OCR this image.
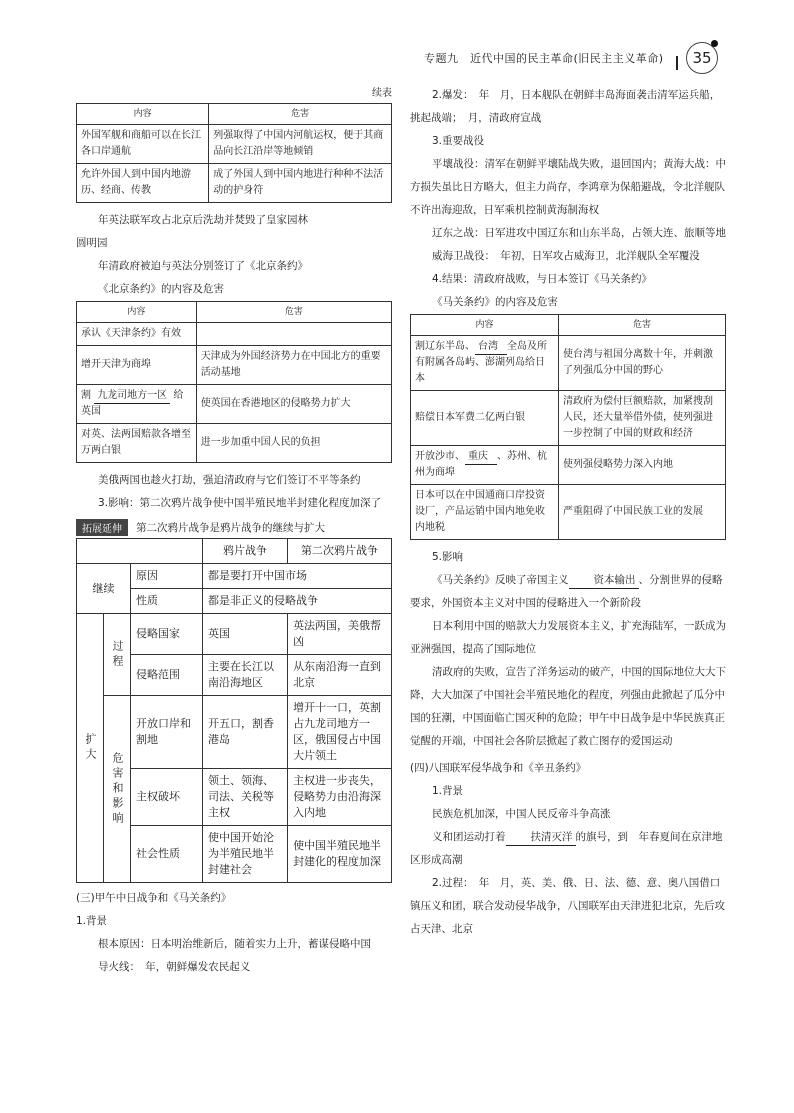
专题九　近代中国的民主革命(旧民主主义革命)	35
续表
内容	危害
外国军舰和商船可以在长江各口岸通航	列强取得了中国内河航运权，便于其商品向长江沿岸等地倾销
允许外国人到中国内地游历、经商、传教	成了外国人到中国内地进行种种不法活动的护身符

年英法联军攻占北京后洗劫并焚毁了皇家园林
圆明园

年清政府被迫与英法分别签订了《北京条约》

《北京条约》的内容及危害

内容	危害
承认《天津条约》有效	
增开天津为商埠	天津成为外国经济势力在中国北方的重要活动基地
割 九龙司地方一区 给英国	使英国在香港地区的侵略势力扩大
对英、法两国赔款各增至万两白银	进一步加重中国人民的负担

美俄两国也趁火打劫，强迫清政府与它们签订不平等条约

3.影响：第二次鸦片战争使中国半殖民地半封建化程度加深了

拓展延伸	第二次鸦片战争是鸦片战争的继续与扩大
			鸦片战争	第二次鸦片战争
继续		原因	都是要打开中国市场	
		性质	都是非正义的侵略战争	
扩大	过程	侵略国家	英国	英法两国，美俄帮凶
		侵略范围	主要在长江以南沿海地区	从东南沿海一直到北京
	危害和影响	开放口岸和割地	开五口，割香港岛	增开十一口，英割占九龙司地方一区，俄国侵占中国大片领土
		主权破坏	领土、领海、司法、关税等主权	主权进一步丧失，侵略势力由沿海深入内地
		社会性质	使中国开始沦为半殖民地半封建社会	使中国半殖民地半封建化的程度加深

(三)甲午中日战争和《马关条约》

1.背景

根本原因：日本明治维新后，随着实力上升，蓄谋侵略中国

导火线：　年，朝鲜爆发农民起义

2.爆发：　年　月，日本舰队在朝鲜丰岛海面袭击清军运兵船，挑起战端；　月，清政府宣战

3.重要战役

平壤战役：清军在朝鲜平壤陆战失败，退回国内；黄海大战：中方损失虽比日方略大，但主力尚存，李鸿章为保船避战，令北洋舰队不许出海迎敌，日军乘机控制黄海制海权

辽东之战：日军进攻中国辽东和山东半岛，占领大连、旅顺等地

威海卫战役：　年初，日军攻占威海卫，北洋舰队全军覆没

4.结果：清政府战败，与日本签订《马关条约》

《马关条约》的内容及危害

内容	危害
割辽东半岛、 台湾 全岛及所有附属各岛屿、澎湖列岛给日本	使台湾与祖国分离数十年，并刺激了列强瓜分中国的野心
赔偿日本军费二亿两白银	清政府为偿付巨额赔款，加紧搜刮人民，还大量举借外债，使列强进一步控制了中国的财政和经济
开放沙市、 重庆 、苏州、杭州为商埠	使列强侵略势力深入内地
日本可以在中国通商口岸投资设厂，产品运销中国内地免收内地税	严重阻碍了中国民族工业的发展

5.影响

《马关条约》反映了帝国主义 资本输出 、分割世界的侵略要求，外国资本主义对中国的侵略进入一个新阶段

日本利用中国的赔款大力发展资本主义，扩充海陆军，一跃成为亚洲强国，提高了国际地位

清政府的失败，宣告了洋务运动的破产，中国的国际地位大大下降，大大加深了中国社会半殖民地化的程度，列强由此掀起了瓜分中国的狂潮，中国面临亡国灭种的危险；甲午中日战争是中华民族真正觉醒的开端，中国社会各阶层掀起了救亡图存的爱国运动

(四)八国联军侵华战争和《辛丑条约》

1.背景

民族危机加深，中国人民反帝斗争高涨

义和团运动打着 扶清灭洋 的旗号，到　年春夏间在京津地区形成高潮

2.过程：　年　月，英、美、俄、日、法、德、意、奥八国借口镇压义和团，联合发动侵华战争，八国联军由天津进犯北京，先后攻占天津、北京
